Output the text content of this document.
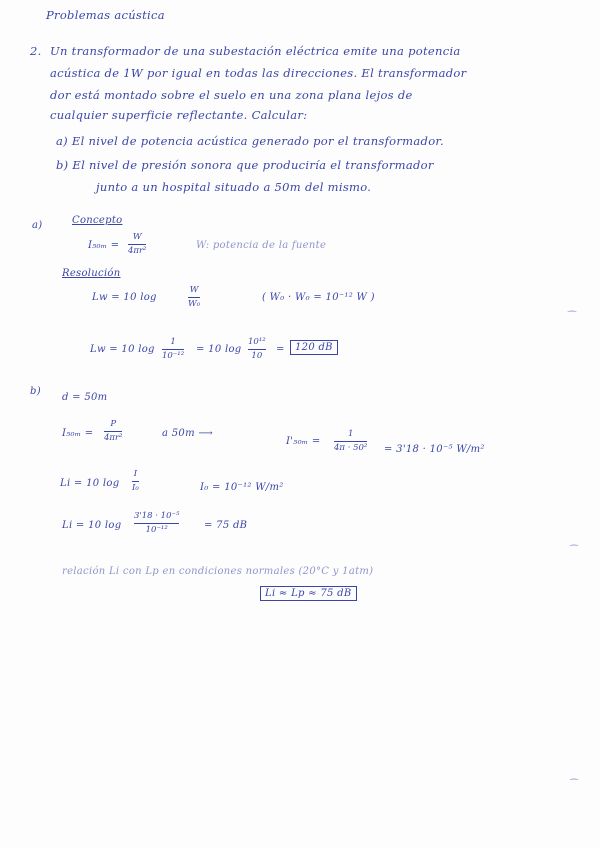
Problemas acústica
2. Un transformador de una subestación eléctrica emite una potencia
acústica de 1W por igual en todas las direcciones. El transformador
dor está montado sobre el suelo en una zona plana lejos de
cualquier superficie reflectante. Calcular:
a) El nivel de potencia acústica generado por el transformador.
b) El nivel de presión sonora que produciría el transformador
junto a un hospital situado a 50m del mismo.
a)	Concepto
I₅₀ₘ =
W
4πr²	W: potencia de la fuente
Resolución
Lw = 10 log
W
W₀
( W₀ · W₀ = 10⁻¹² W )
Lw = 10 log
1
10⁻¹²
= 10 log
10¹²
10
=	120 dB
b)
d = 50m
I₅₀ₘ =
P
4πr²	a 50m ⟶
I'₅₀ₘ =
1
4π · 50² = 3'18 · 10⁻⁵ W/m²
Li = 10 log
I
I₀	I₀ = 10⁻¹² W/m²
Li = 10 log
3'18 · 10⁻⁵
10⁻¹²	= 75 dB
relación Li con Lp en condiciones normales (20°C y 1atm)
Li ≈ Lp ≈ 75 dB
⁔
⁔
⁔
